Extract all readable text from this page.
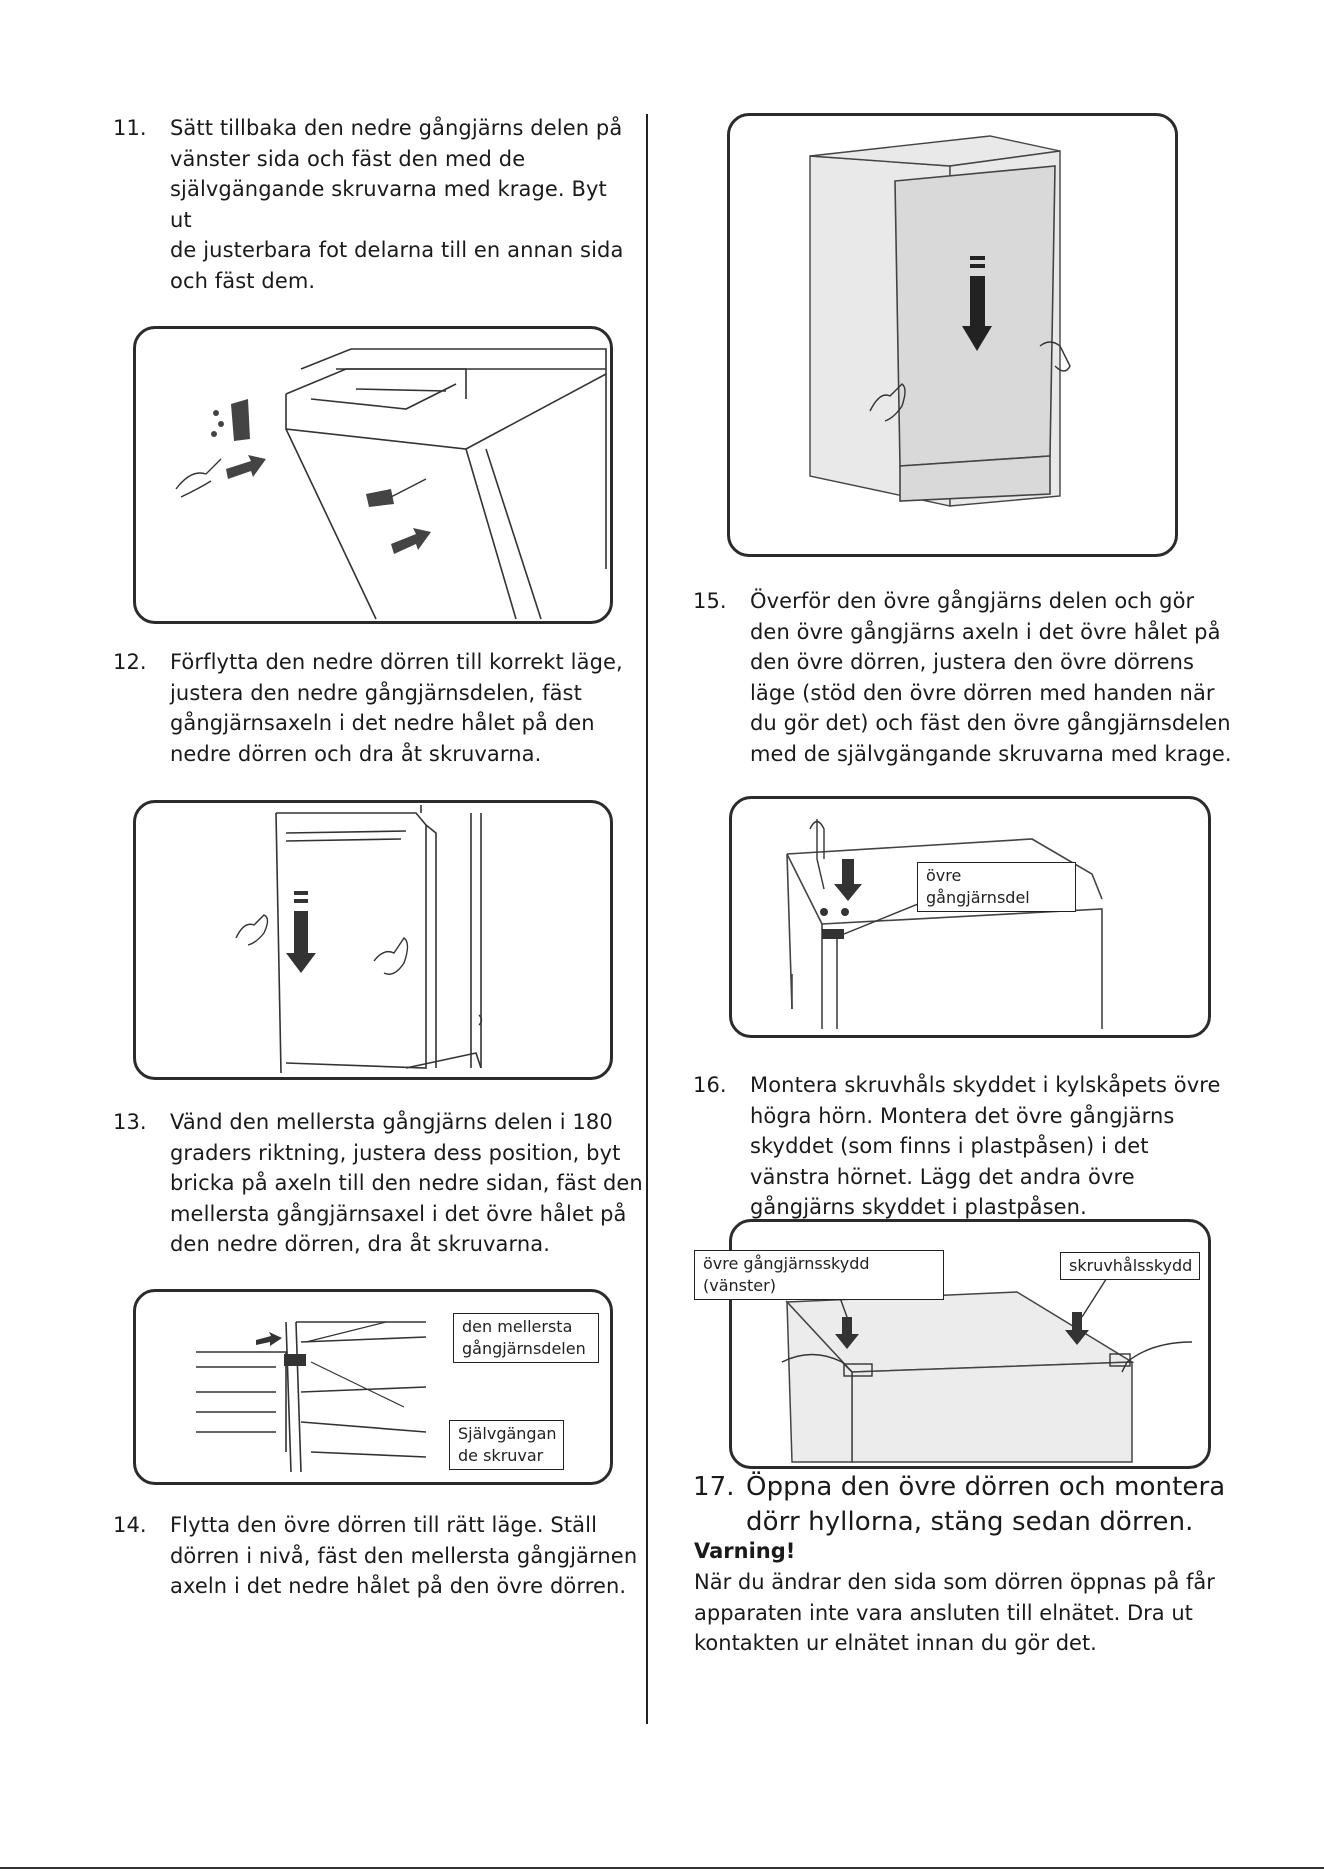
11. Sätt tillbaka den nedre gångjärns delen på
vänster sida och fäst den med de
självgängande skruvarna med krage. Byt ut
de justerbara fot delarna till en annan sida
och fäst dem.
12. Förflytta den nedre dörren till korrekt läge,
justera den nedre gångjärnsdelen, fäst
gångjärnsaxeln i det nedre hålet på den
nedre dörren och dra åt skruvarna.
13. Vänd den mellersta gångjärns delen i 180
graders riktning, justera dess position, byt
bricka på axeln till den nedre sidan, fäst den
mellersta gångjärnsaxel i det övre hålet på
den nedre dörren, dra åt skruvarna.
den mellersta
gångjärnsdelen
Självgängan
de skruvar
14. Flytta den övre dörren till rätt läge. Ställ
dörren i nivå, fäst den mellersta gångjärnen
axeln i det nedre hålet på den övre dörren.
15. Överför den övre gångjärns delen och gör
den övre gångjärns axeln i det övre hålet på
den övre dörren, justera den övre dörrens
läge (stöd den övre dörren med handen när
du gör det) och fäst den övre gångjärnsdelen
med de självgängande skruvarna med krage.
övre gångjärnsdel
16. Montera skruvhåls skyddet i kylskåpets övre
högra hörn. Montera det övre gångjärns
skyddet (som finns i plastpåsen) i det
vänstra hörnet. Lägg det andra övre
gångjärns skyddet i plastpåsen.
övre gångjärnsskydd (vänster)
skruvhålsskydd
17. Öppna den övre dörren och montera
dörr hyllorna, stäng sedan dörren.
Varning!
När du ändrar den sida som dörren öppnas på får
apparaten inte vara ansluten till elnätet. Dra ut
kontakten ur elnätet innan du gör det.
